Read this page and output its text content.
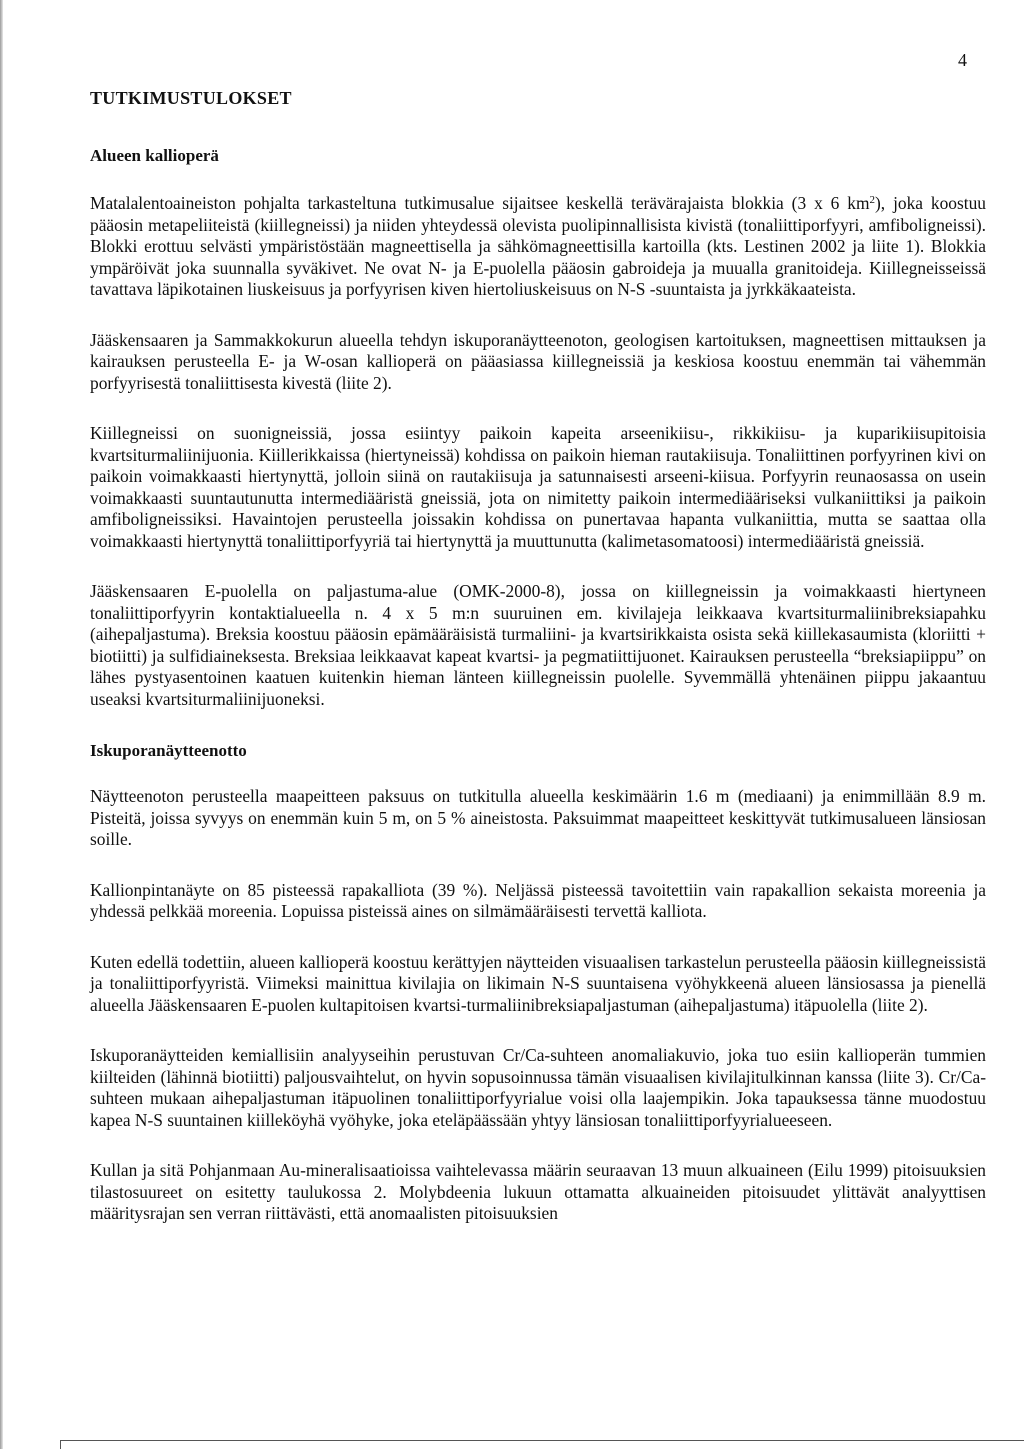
4
TUTKIMUSTULOKSET
Alueen kallioperä

Matalalentoaineiston pohjalta tarkasteltuna tutkimusalue sijaitsee keskellä terävärajaista blokkia (3 x 6 $km^2$), joka koostuu pääosin metapeliiteistä (kiillegneissi) ja niiden yhteydessä olevista puolipinnallisista kivistä (tonaliittiporfyyri, amfiboligneissi). Blokki erottuu selvästi ympäristöstään magneettisella ja sähkömagneettisilla kartoilla (kts. Lestinen 2002 ja liite 1). Blokkia ympäröivät joka suunnalla syväkivet. Ne ovat N- ja E-puolella pääosin gabroideja ja muualla granitoideja. Kiillegneisseissä tavattava läpikotainen liuskeisuus ja porfyyrisen kiven hiertoliuskeisuus on N-S -suuntaista ja jyrkkäkaateista.

Jääskensaaren ja Sammakkokurun alueella tehdyn iskuporanäytteenoton, geologisen kartoituksen, magneettisen mittauksen ja kairauksen perusteella E- ja W-osan kallioperä on pääasiassa kiillegneissiä ja keskiosa koostuu enemmän tai vähemmän porfyyrisestä tonaliittisesta kivestä (liite 2).

Kiillegneissi on suonigneissiä, jossa esiintyy paikoin kapeita arseenikiisu-, rikkikiisu- ja kuparikiisupitoisia kvartsiturmaliinijuonia. Kiillerikkaissa (hiertyneissä) kohdissa on paikoin hieman rautakiisuja. Tonaliittinen porfyyrinen kivi on paikoin voimakkaasti hiertynyttä, jolloin siinä on rautakiisuja ja satunnaisesti arseeni-kiisua. Porfyyrin reunaosassa on usein voimakkaasti suuntautunutta intermediääristä gneissiä, jota on nimitetty paikoin intermediääriseksi vulkaniittiksi ja paikoin amfiboligneissiksi. Havaintojen perusteella joissakin kohdissa on punertavaa hapanta vulkaniittia, mutta se saattaa olla voimakkaasti hiertynyttä tonaliittiporfyyriä tai hiertynyttä ja muuttunutta (kalimetasomatoosi) intermediääristä gneissiä.

Jääskensaaren E-puolella on paljastuma-alue (OMK-2000-8), jossa on kiillegneissin ja voimakkaasti hiertyneen tonaliittiporfyyrin kontaktialueella n. 4 x 5 m:n suuruinen em. kivilajeja leikkaava kvartsiturmaliinibreksiapahku (aihepaljastuma). Breksia koostuu pääosin epämääräisistä turmaliini- ja kvartsirikkaista osista sekä kiillekasaumista (kloriitti + biotiitti) ja sulfidiaineksesta. Breksiaa leikkaavat kapeat kvartsi- ja pegmatiittijuonet. Kairauksen perusteella “breksiapiippu” on lähes pystyasentoinen kaatuen kuitenkin hieman länteen kiillegneissin puolelle. Syvemmällä yhtenäinen piippu jakaantuu useaksi kvartsiturmaliinijuoneksi.

Iskuporanäytteenotto

Näytteenoton perusteella maapeitteen paksuus on tutkitulla alueella keskimäärin 1.6 m (mediaani) ja enimmillään 8.9 m. Pisteitä, joissa syvyys on enemmän kuin 5 m, on 5 % aineistosta. Paksuimmat maapeitteet keskittyvät tutkimusalueen länsiosan soille.

Kallionpintanäyte on 85 pisteessä rapakalliota (39 %). Neljässä pisteessä tavoitettiin vain rapakallion sekaista moreenia ja yhdessä pelkkää moreenia. Lopuissa pisteissä aines on silmämääräisesti tervettä kalliota.

Kuten edellä todettiin, alueen kallioperä koostuu kerättyjen näytteiden visuaalisen tarkastelun perusteella pääosin kiillegneissistä ja tonaliittiporfyyristä. Viimeksi mainittua kivilajia on likimain N-S suuntaisena vyöhykkeenä alueen länsiosassa ja pienellä alueella Jääskensaaren E-puolen kultapitoisen kvartsi-turmaliinibreksiapaljastuman (aihepaljastuma) itäpuolella (liite 2).

Iskuporanäytteiden kemiallisiin analyyseihin perustuvan Cr/Ca-suhteen anomaliakuvio, joka tuo esiin kallioperän tummien kiilteiden (lähinnä biotiitti) paljousvaihtelut, on hyvin sopusoinnussa tämän visuaalisen kivilajitulkinnan kanssa (liite 3). Cr/Ca-suhteen mukaan aihepaljastuman itäpuolinen tonaliittiporfyyrialue voisi olla laajempikin. Joka tapauksessa tänne muodostuu kapea N-S suuntainen kiilleköyhä vyöhyke, joka eteläpäässään yhtyy länsiosan tonaliittiporfyyrialueeseen.

Kullan ja sitä Pohjanmaan Au-mineralisaatioissa vaihtelevassa määrin seuraavan 13 muun alkuaineen (Eilu 1999) pitoisuuksien tilastosuureet on esitetty taulukossa 2. Molybdeenia lukuun ottamatta alkuaineiden pitoisuudet ylittävät analyyttisen määritysrajan sen verran riittävästi, että anomaalisten pitoisuuksien
